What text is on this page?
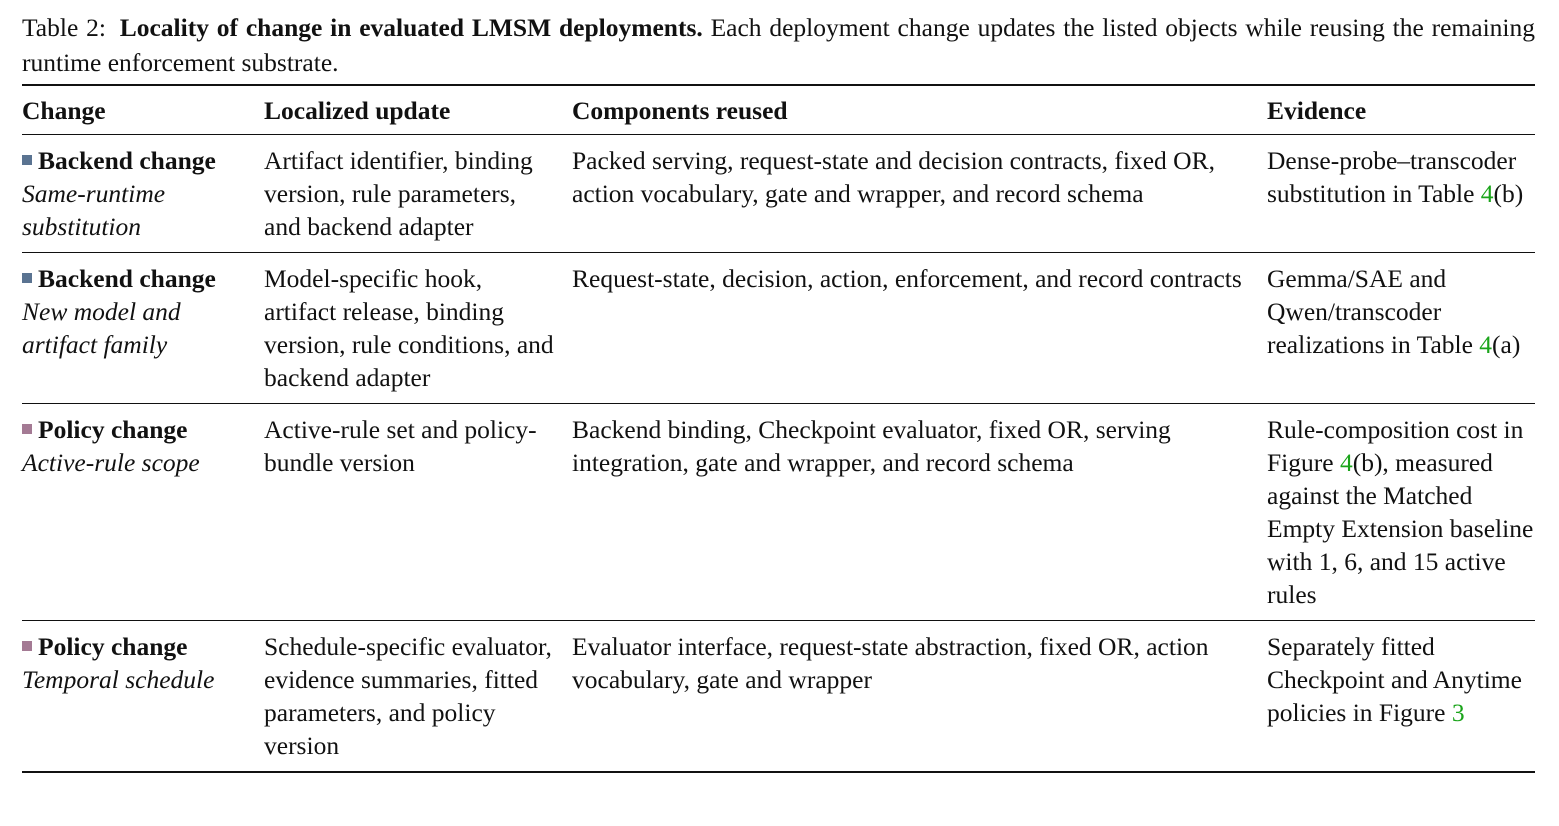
Table 2: Locality of change in evaluated LMSM deployments. Each deployment change updates the listed objects while reusing the remaining runtime enforcement substrate.

Change	Localized update	Components reused	Evidence

Backend change
Same-runtime substitution	Artifact identifier, binding version, rule parameters, and backend adapter	Packed serving, request-state and decision contracts, fixed OR, action vocabulary, gate and wrapper, and record schema	Dense-probe–transcoder substitution in Table 4(b)

Backend change
New model and artifact family	Model-specific hook, artifact release, binding version, rule conditions, and backend adapter	Request-state, decision, action, enforcement, and record contracts	Gemma/SAE and Qwen/transcoder realizations in Table 4(a)

Policy change
Active-rule scope	Active-rule set and policy-bundle version	Backend binding, Checkpoint evaluator, fixed OR, serving integration, gate and wrapper, and record schema	Rule-composition cost in Figure 4(b), measured against the Matched Empty Extension baseline with 1, 6, and 15 active rules

Policy change
Temporal schedule	Schedule-specific evaluator, evidence summaries, fitted parameters, and policy version	Evaluator interface, request-state abstraction, fixed OR, action vocabulary, gate and wrapper	Separately fitted Checkpoint and Anytime policies in Figure 3
